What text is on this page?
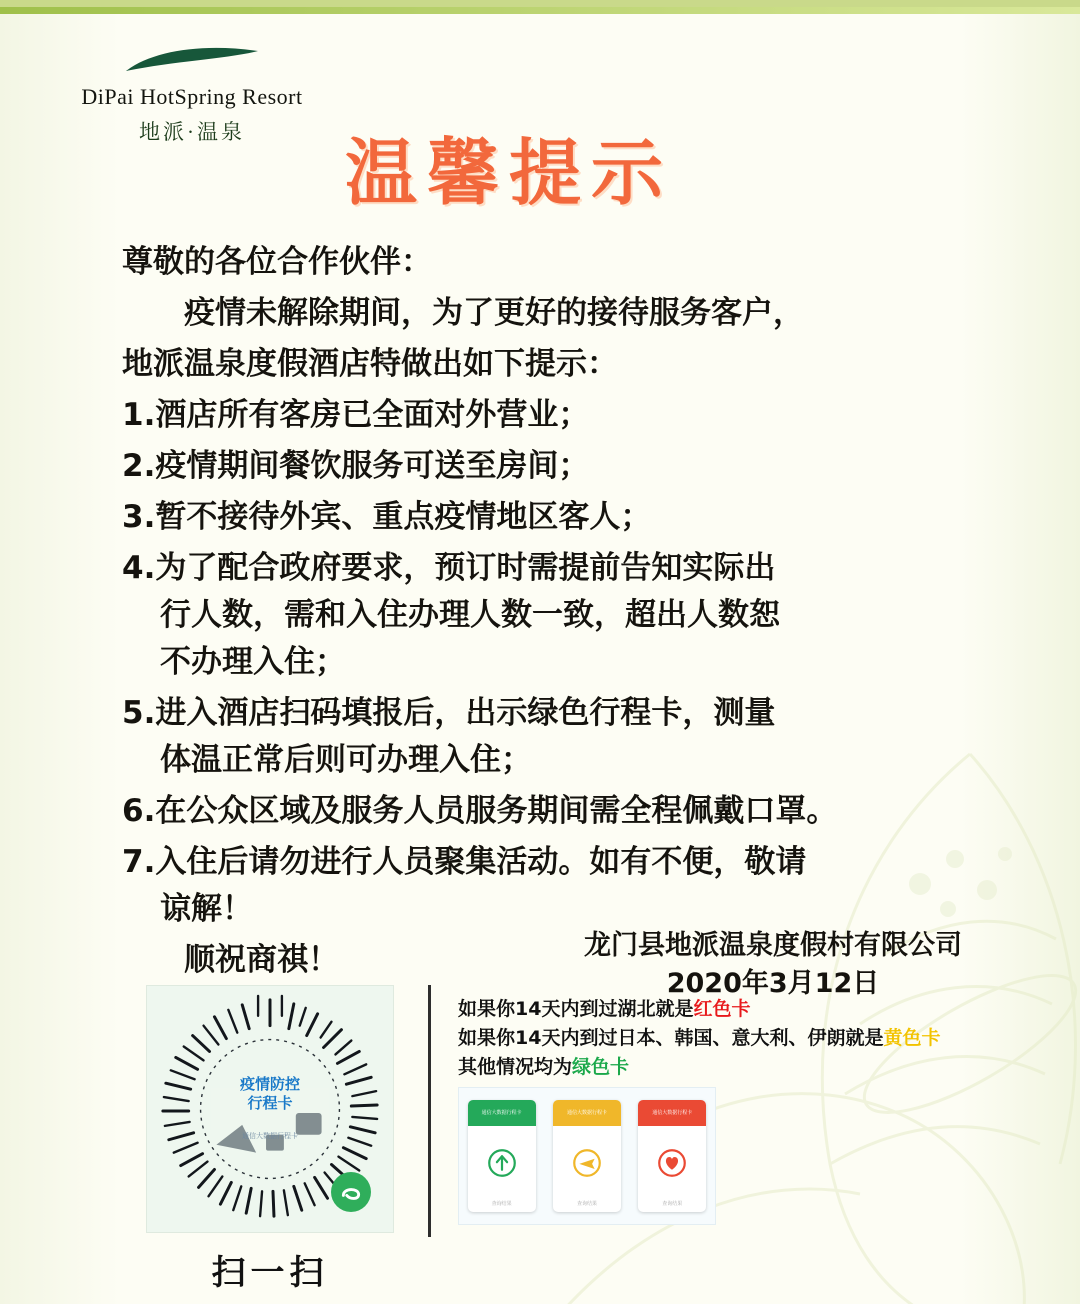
DiPai HotSpring Resort
地派·温泉	温馨提示

尊敬的各位合作伙伴：

疫情未解除期间，为了更好的接待服务客户，

地派温泉度假酒店特做出如下提示：

1.酒店所有客房已全面对外营业；

2.疫情期间餐饮服务可送至房间；

3.暂不接待外宾、重点疫情地区客人；

4.为了配合政府要求，预订时需提前告知实际出
行人数，需和入住办理人数一致，超出人数恕
不办理入住；

5.进入酒店扫码填报后，出示绿色行程卡，测量
体温正常后则可办理入住；

6.在公众区域及服务人员服务期间需全程佩戴口罩。

7.入住后请勿进行人员聚集活动。如有不便，敬请
谅解！

顺祝商祺！	龙门县地派温泉度假村有限公司
2020年3月12日
疫情防控
行程卡
通信大数据行程卡
扫一扫
如果你14天内到过湖北就是红色卡
如果你14天内到过日本、韩国、意大利、伊朗就是黄色卡
其他情况均为绿色卡
通信大数据行程卡
查询结果
通信大数据行程卡
查询结果
通信大数据行程卡
查询结果
